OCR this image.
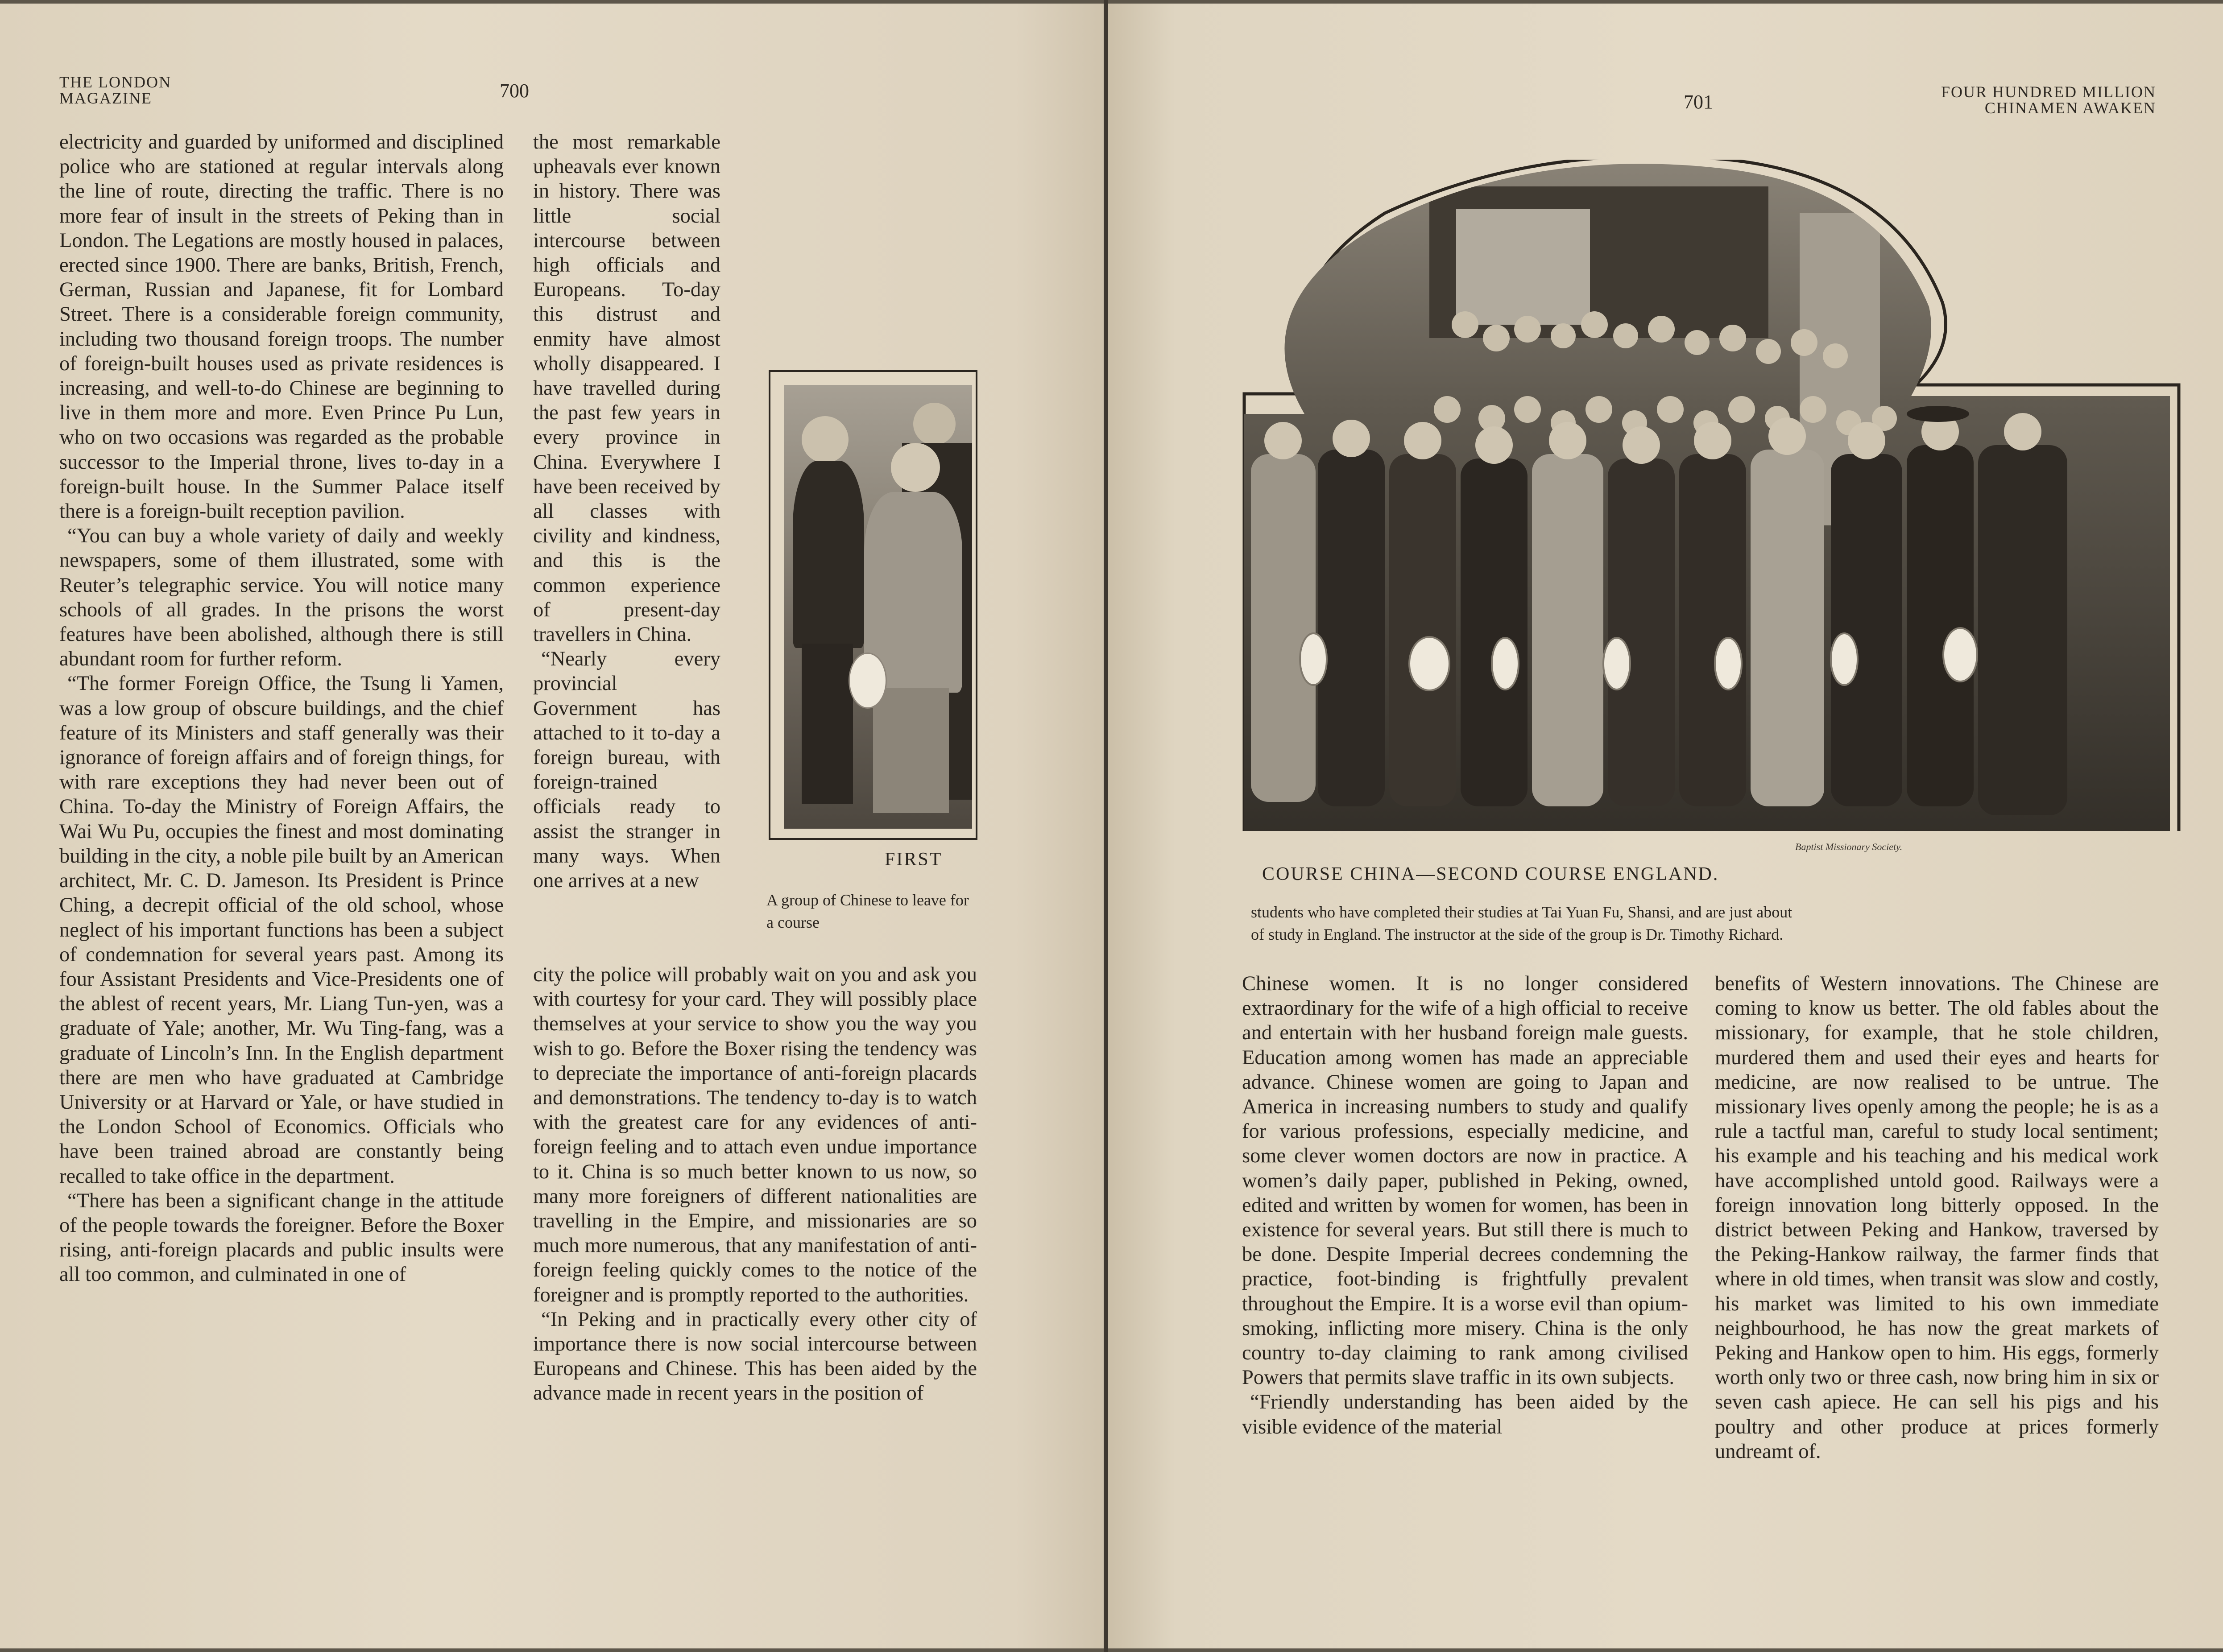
THE LONDON
MAGAZINE	700

electricity and guarded by uniformed and disciplined police who are stationed at regular intervals along the line of route, directing the traffic. There is no more fear of insult in the streets of Peking than in London. The Legations are mostly housed in palaces, erected since 1900. There are banks, British, French, German, Russian and Japanese, fit for Lombard Street. There is a considerable foreign community, including two thousand foreign troops. The number of foreign-built houses used as private residences is increasing, and well-to-do Chinese are beginning to live in them more and more. Even Prince Pu Lun, who on two occasions was regarded as the probable successor to the Imperial throne, lives to-day in a foreign-built house. In the Summer Palace itself there is a foreign-built reception pavilion.

“You can buy a whole variety of daily and weekly newspapers, some of them illustrated, some with Reuter’s telegraphic service. You will notice many schools of all grades. In the prisons the worst features have been abolished, although there is still abundant room for further reform.

“The former Foreign Office, the Tsung li Yamen, was a low group of obscure buildings, and the chief feature of its Ministers and staff generally was their ignorance of foreign affairs and of foreign things, for with rare exceptions they had never been out of China. To-day the Ministry of Foreign Affairs, the Wai Wu Pu, occupies the finest and most dominating building in the city, a noble pile built by an American architect, Mr. C. D. Jameson. Its President is Prince Ching, a decrepit official of the old school, whose neglect of his important functions has been a subject of condemnation for several years past. Among its four Assistant Presidents and Vice-Presidents one of the ablest of recent years, Mr. Liang Tun-yen, was a graduate of Yale; another, Mr. Wu Ting-fang, was a graduate of Lincoln’s Inn. In the English department there are men who have graduated at Cambridge University or at Harvard or Yale, or have studied in the London School of Economics. Officials who have been trained abroad are constantly being recalled to take office in the department.

“There has been a significant change in the attitude of the people towards the foreigner. Before the Boxer rising, anti-foreign placards and public insults were all too common, and culminated in one of

the most remarkable upheavals ever known in history. There was little social intercourse between high officials and Europeans. To-day this distrust and enmity have almost wholly disappeared. I have travelled during the past few years in every province in China. Everywhere I have been received by all classes with civility and kindness, and this is the common experience of present-day travellers in China.

“Nearly every provincial Government has attached to it to-day a foreign bureau, with foreign-trained officials ready to assist the stranger in many ways. When one arrives at a new

city the police will probably wait on you and ask you with courtesy for your card. They will possibly place themselves at your service to show you the way you wish to go. Before the Boxer rising the tendency was to depreciate the importance of anti-foreign placards and demonstrations. The tendency to-day is to watch with the greatest care for any evidences of anti-foreign feeling and to attach even undue importance to it. China is so much better known to us now, so many more foreigners of different nationalities are travelling in the Empire, and missionaries are so much more numerous, that any manifestation of anti-foreign feeling quickly comes to the notice of the foreigner and is promptly reported to the authorities.

“In Peking and in practically every other city of importance there is now social intercourse between Europeans and Chinese. This has been aided by the advance made in recent years in the position of

FIRST
A group of Chinese to leave for a course
701	FOUR HUNDRED MILLION
CHINAMEN AWAKEN
Baptist Missionary Society.
COURSE CHINA—SECOND COURSE ENGLAND.
students who have completed their studies at Tai Yuan Fu, Shansi, and are just about
of study in England. The instructor at the side of the group is Dr. Timothy Richard.

Chinese women. It is no longer considered extraordinary for the wife of a high official to receive and entertain with her husband foreign male guests. Education among women has made an appreciable advance. Chinese women are going to Japan and America in increasing numbers to study and qualify for various professions, especially medicine, and some clever women doctors are now in practice. A women’s daily paper, published in Peking, owned, edited and written by women for women, has been in existence for several years. But still there is much to be done. Despite Imperial decrees condemning the practice, foot-binding is frightfully prevalent throughout the Empire. It is a worse evil than opium-smoking, inflicting more misery. China is the only country to-day claiming to rank among civilised Powers that permits slave traffic in its own subjects.

“Friendly understanding has been aided by the visible evidence of the material

benefits of Western innovations. The Chinese are coming to know us better. The old fables about the missionary, for example, that he stole children, murdered them and used their eyes and hearts for medicine, are now realised to be untrue. The missionary lives openly among the people; he is as a rule a tactful man, careful to study local sentiment; his example and his teaching and his medical work have accomplished untold good. Railways were a foreign innovation long bitterly opposed. In the district between Peking and Hankow, traversed by the Peking-Hankow railway, the farmer finds that where in old times, when transit was slow and costly, his market was limited to his own immediate neighbourhood, he has now the great markets of Peking and Hankow open to him. His eggs, formerly worth only two or three cash, now bring him in six or seven cash apiece. He can sell his pigs and his poultry and other produce at prices formerly undreamt of.
